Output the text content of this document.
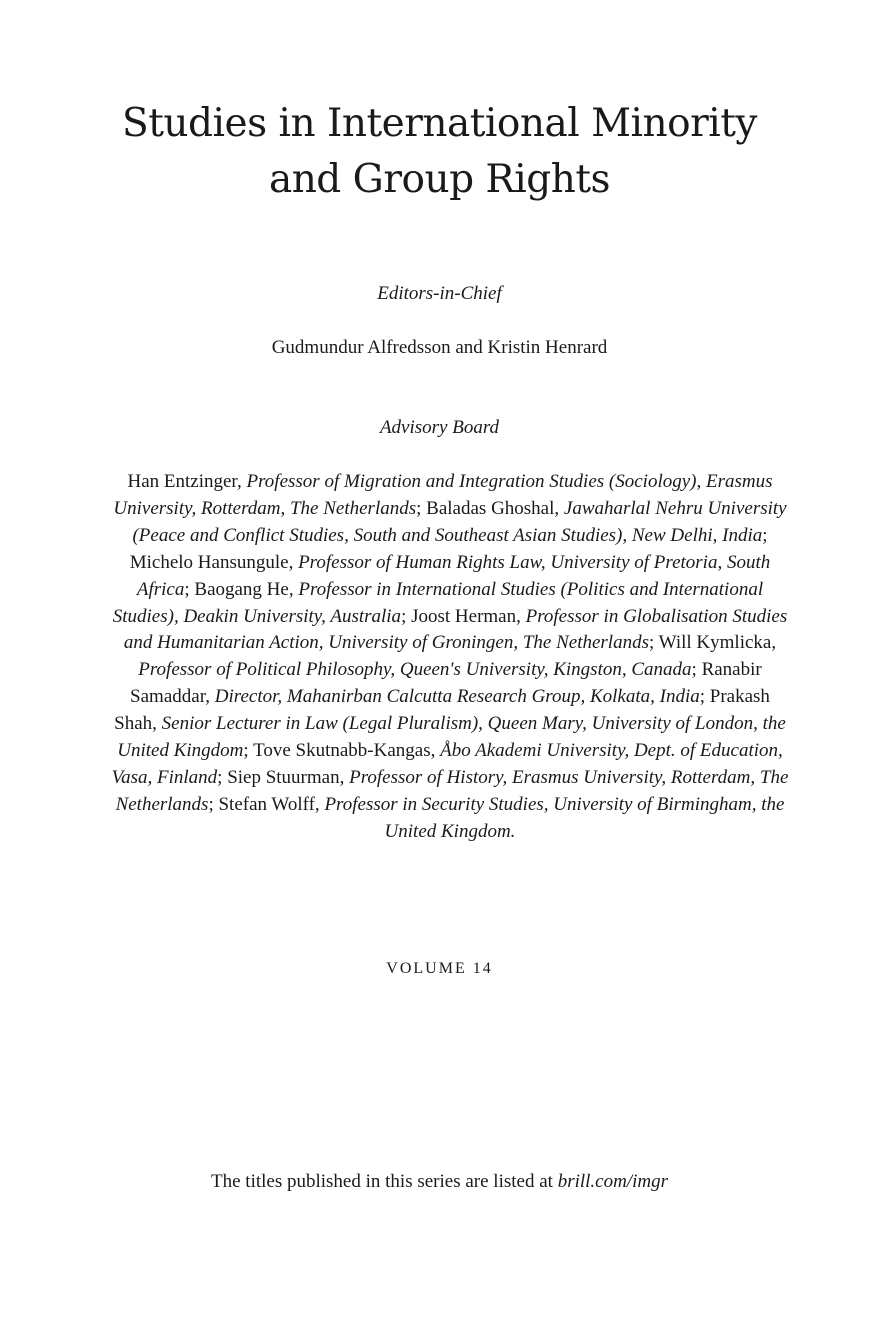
Studies in International Minority
and Group Rights
Editors-in-Chief
Gudmundur Alfredsson and Kristin Henrard
Advisory Board
Han Entzinger, Professor of Migration and Integration Studies (Sociology), Erasmus University, Rotterdam, The Netherlands; Baladas Ghoshal, Jawaharlal Nehru University (Peace and Conflict Studies, South and Southeast Asian Studies), New Delhi, India; Michelo Hansungule, Professor of Human Rights Law, University of Pretoria, South Africa; Baogang He, Professor in International Studies (Politics and International Studies), Deakin University, Australia; Joost Herman, Professor in Globalisation Studies and Humanitarian Action, University of Groningen, The Netherlands; Will Kymlicka, Professor of Political Philosophy, Queen's University, Kingston, Canada; Ranabir Samaddar, Director, Mahanirban Calcutta Research Group, Kolkata, India; Prakash Shah, Senior Lecturer in Law (Legal Pluralism), Queen Mary, University of London, the United Kingdom; Tove Skutnabb-Kangas, Åbo Akademi University, Dept. of Education, Vasa, Finland; Siep Stuurman, Professor of History, Erasmus University, Rotterdam, The Netherlands; Stefan Wolff, Professor in Security Studies, University of Birmingham, the United Kingdom.
VOLUME 14
The titles published in this series are listed at brill.com/imgr
